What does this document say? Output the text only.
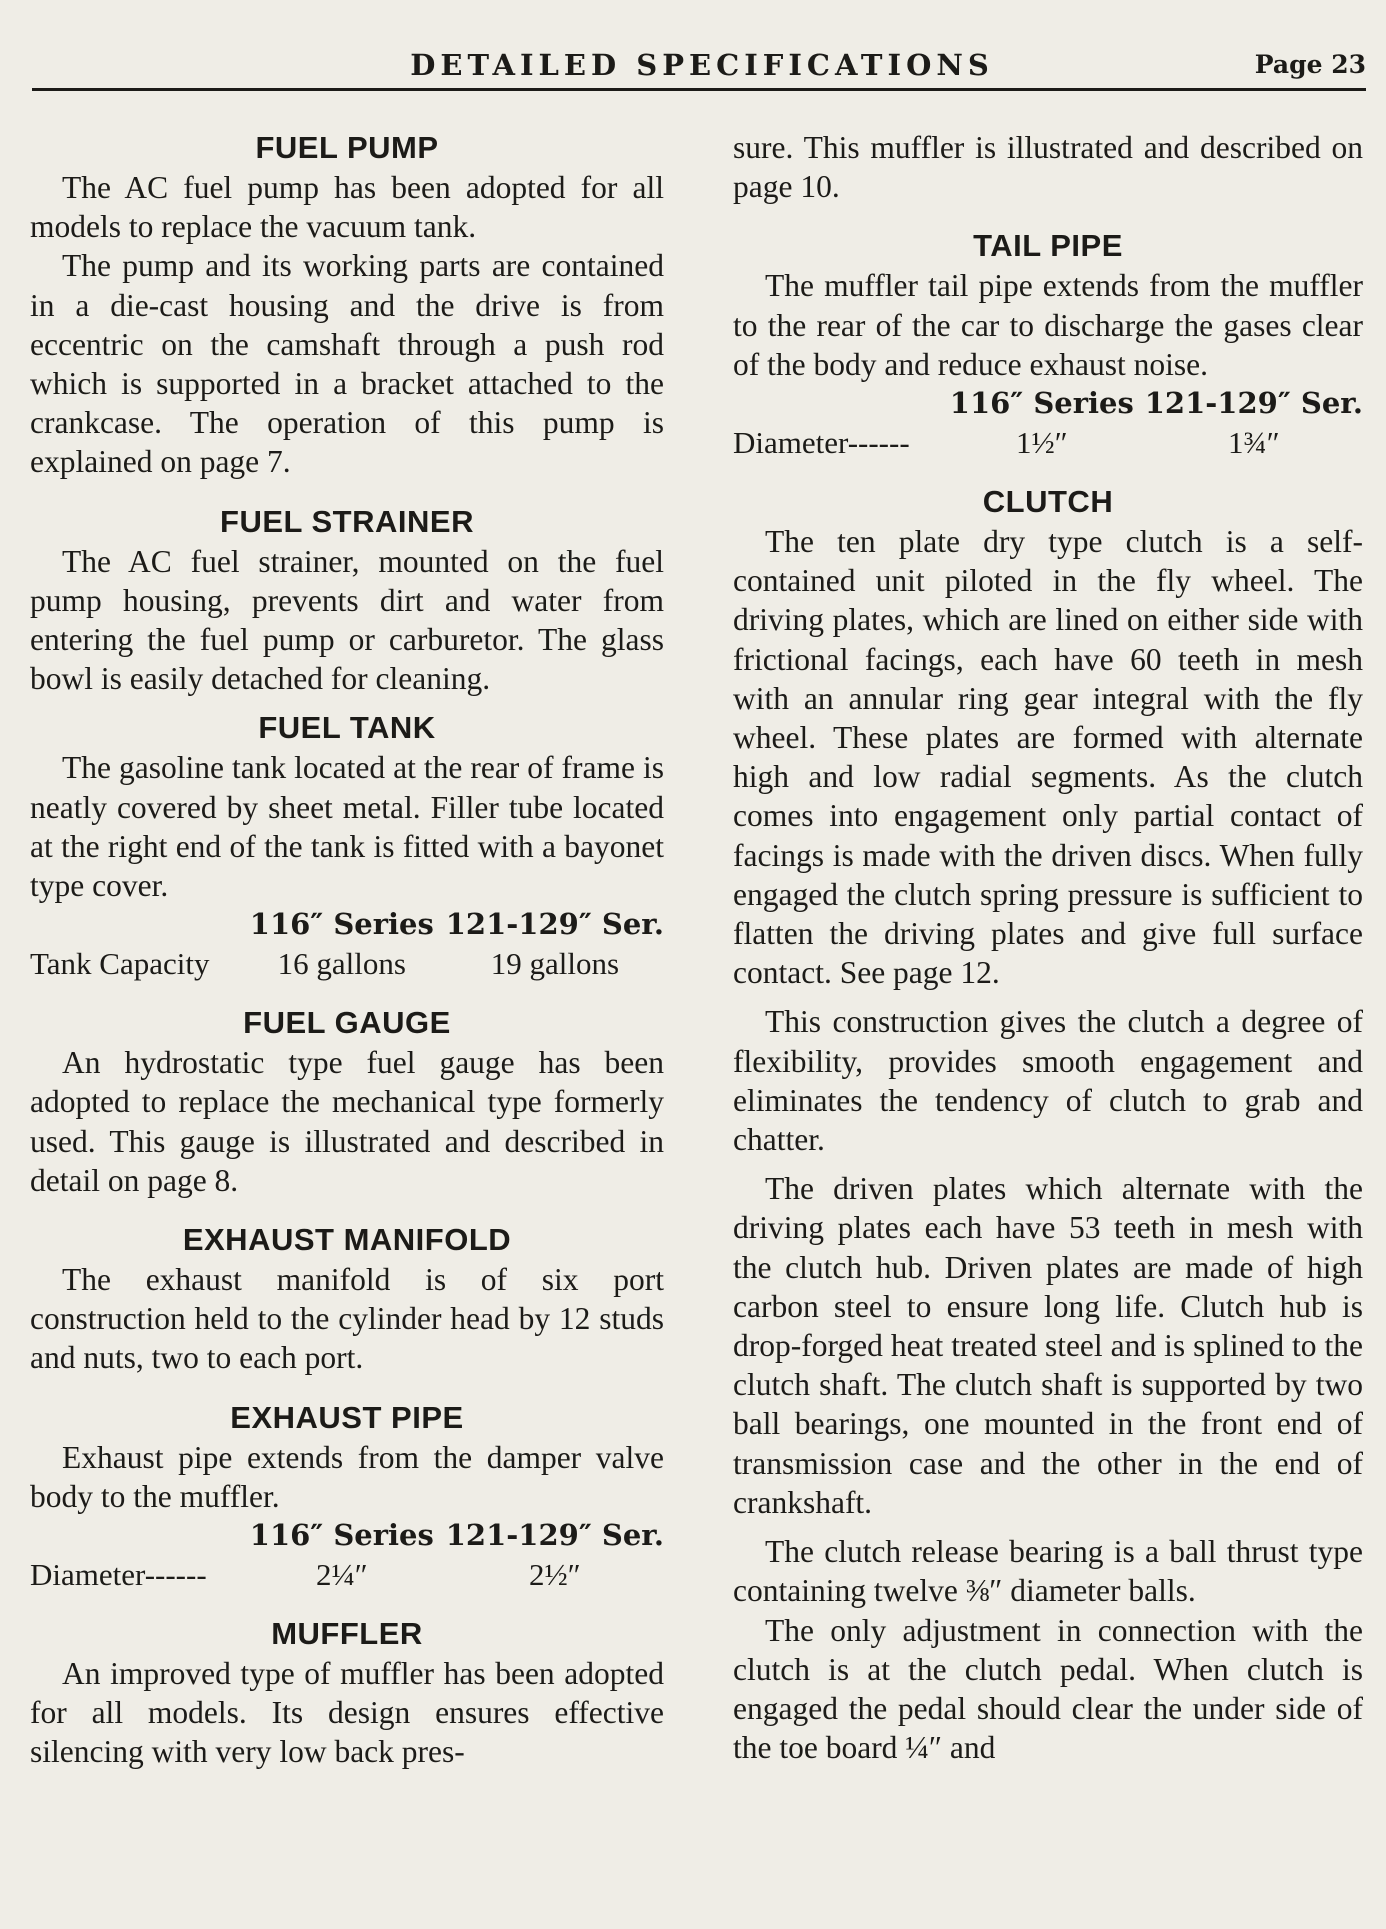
DETAILED SPECIFICATIONS	Page 23
FUEL PUMP

The AC fuel pump has been adopted for all models to replace the vacuum tank.

The pump and its working parts are contained in a die-cast housing and the drive is from eccentric on the camshaft through a push rod which is supported in a bracket attached to the crankcase. The operation of this pump is explained on page 7.

FUEL STRAINER

The AC fuel strainer, mounted on the fuel pump housing, prevents dirt and water from entering the fuel pump or carburetor. The glass bowl is easily detached for cleaning.

FUEL TANK

The gasoline tank located at the rear of frame is neatly covered by sheet metal. Filler tube located at the right end of the tank is fitted with a bayonet type cover.

116″ Series 121-129″ Ser.
Tank Capacity	16 gallons	19 gallons
FUEL GAUGE

An hydrostatic type fuel gauge has been adopted to replace the mechanical type formerly used. This gauge is illustrated and described in detail on page 8.

EXHAUST MANIFOLD

The exhaust manifold is of six port construction held to the cylinder head by 12 studs and nuts, two to each port.

EXHAUST PIPE

Exhaust pipe extends from the damper valve body to the muffler.

116″ Series 121-129″ Ser.
Diameter------	2¼″	2½″
MUFFLER

An improved type of muffler has been adopted for all models. Its design ensures effective silencing with very low back pres-

sure. This muffler is illustrated and described on page 10.

TAIL PIPE

The muffler tail pipe extends from the muffler to the rear of the car to discharge the gases clear of the body and reduce exhaust noise.

116″ Series 121-129″ Ser.
Diameter------	1½″	1¾″
CLUTCH

The ten plate dry type clutch is a self-contained unit piloted in the fly wheel. The driving plates, which are lined on either side with frictional facings, each have 60 teeth in mesh with an annular ring gear integral with the fly wheel. These plates are formed with alternate high and low radial segments. As the clutch comes into engagement only partial contact of facings is made with the driven discs. When fully engaged the clutch spring pressure is sufficient to flatten the driving plates and give full surface contact. See page 12.

This construction gives the clutch a degree of flexibility, provides smooth engagement and eliminates the tendency of clutch to grab and chatter.

The driven plates which alternate with the driving plates each have 53 teeth in mesh with the clutch hub. Driven plates are made of high carbon steel to ensure long life. Clutch hub is drop-forged heat treated steel and is splined to the clutch shaft. The clutch shaft is supported by two ball bearings, one mounted in the front end of transmission case and the other in the end of crankshaft.

The clutch release bearing is a ball thrust type containing twelve ⅜″ diameter balls.

The only adjustment in connection with the clutch is at the clutch pedal. When clutch is engaged the pedal should clear the under side of the toe board ¼″ and
